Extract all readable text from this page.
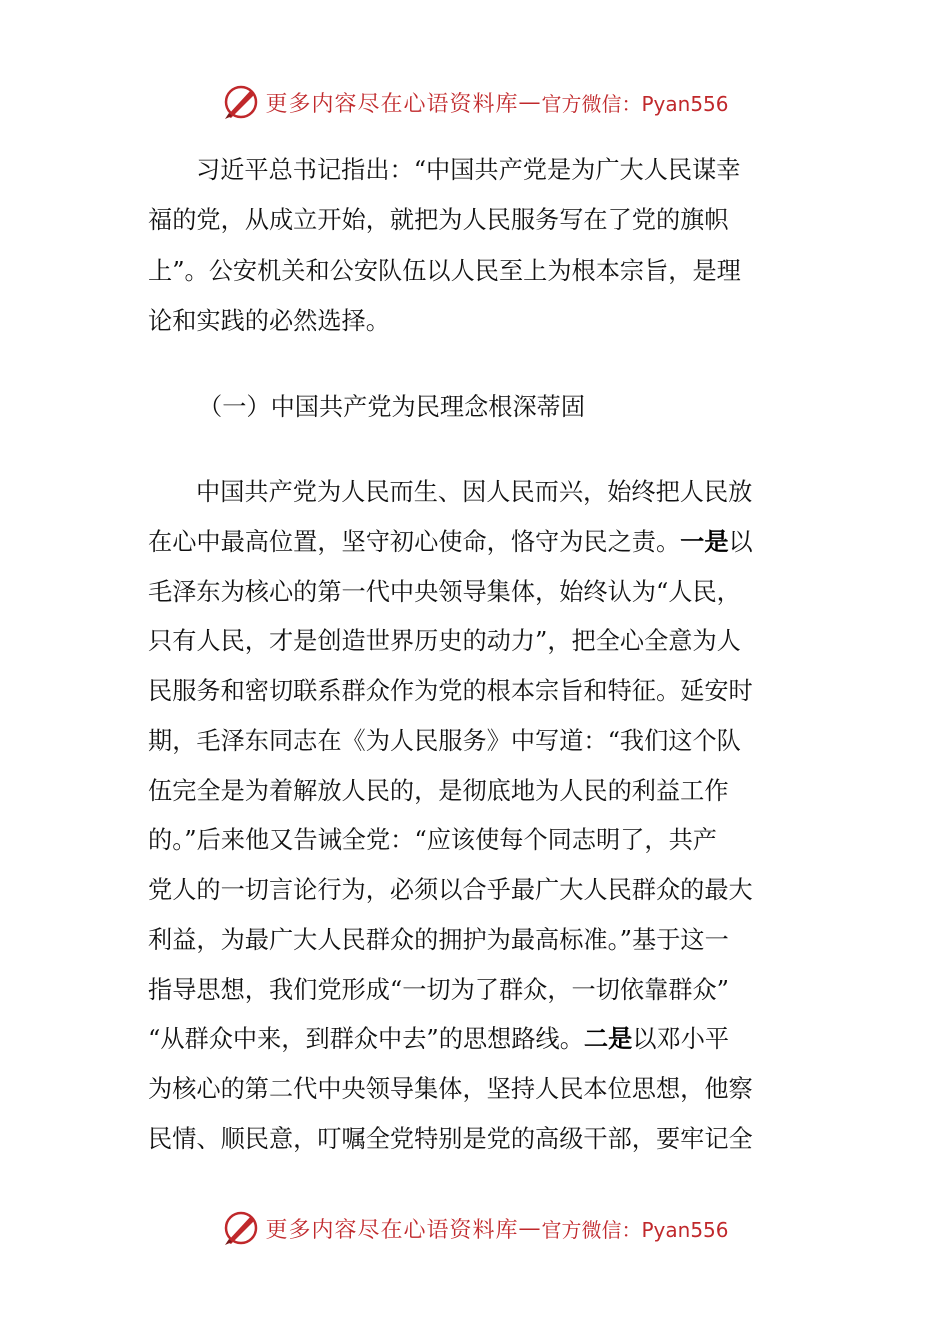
更多内容尽在心语资料库 — 官方微信：Pyan556
习近平总书记指出：“中国共产党是为广大人民谋幸
福的党，从成立开始，就把为人民服务写在了党的旗帜
上”。公安机关和公安队伍以人民至上为根本宗旨，是理
论和实践的必然选择。
（一）中国共产党为民理念根深蒂固
中国共产党为人民而生、因人民而兴，始终把人民放
在心中最高位置，坚守初心使命，恪守为民之责。一是以
毛泽东为核心的第一代中央领导集体，始终认为“人民，
只有人民，才是创造世界历史的动力”，把全心全意为人
民服务和密切联系群众作为党的根本宗旨和特征。延安时
期，毛泽东同志在《为人民服务》中写道：“我们这个队
伍完全是为着解放人民的，是彻底地为人民的利益工作
的。”后来他又告诫全党：“应该使每个同志明了，共产
党人的一切言论行为，必须以合乎最广大人民群众的最大
利益，为最广大人民群众的拥护为最高标准。”基于这一
指导思想，我们党形成“一切为了群众，一切依靠群众”
“从群众中来，到群众中去”的思想路线。二是以邓小平
为核心的第二代中央领导集体，坚持人民本位思想，他察
民情、顺民意，叮嘱全党特别是党的高级干部，要牢记全
更多内容尽在心语资料库 — 官方微信：Pyan556
